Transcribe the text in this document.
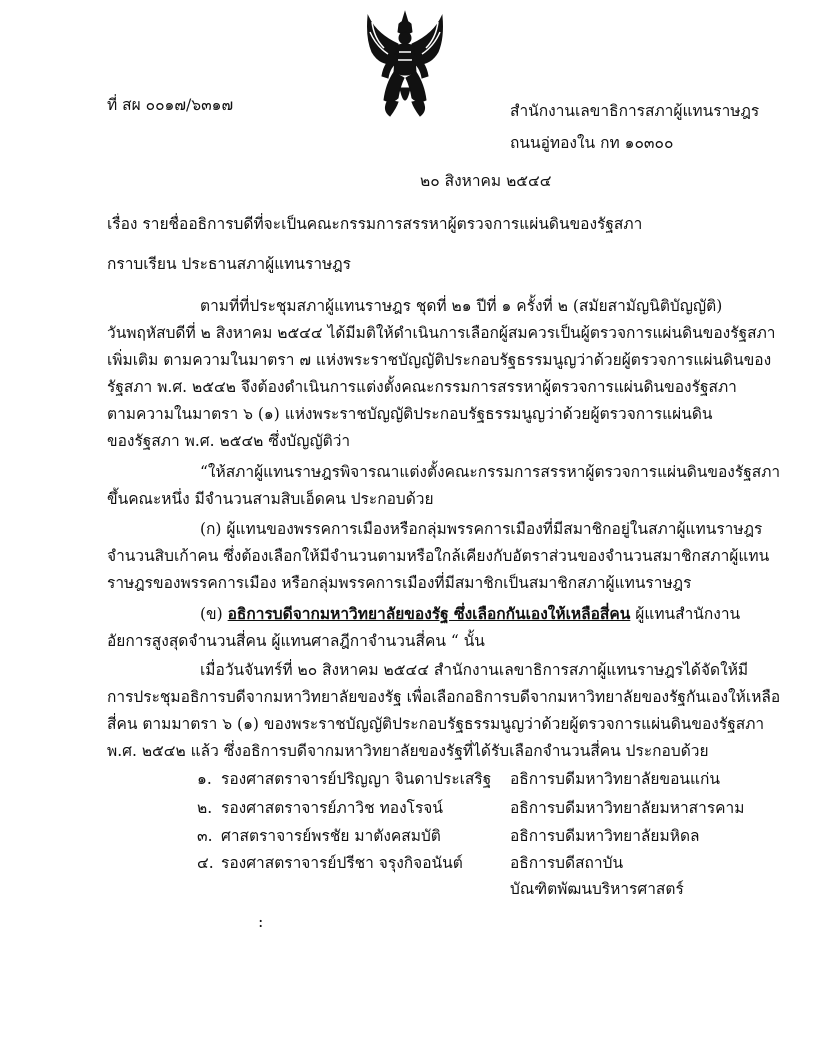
ที่ สผ ๐๐๑๗/๖๓๑๗	สำนักงานเลขาธิการสภาผู้แทนราษฎร
ถนนอู่ทองใน กท ๑๐๓๐๐
๒๐ สิงหาคม ๒๕๔๔
เรื่อง รายชื่ออธิการบดีที่จะเป็นคณะกรรมการสรรหาผู้ตรวจการแผ่นดินของรัฐสภา
กราบเรียน ประธานสภาผู้แทนราษฎร
ตามที่ที่ประชุมสภาผู้แทนราษฎร ชุดที่ ๒๑ ปีที่ ๑ ครั้งที่ ๒ (สมัยสามัญนิติบัญญัติ)
วันพฤหัสบดีที่ ๒ สิงหาคม ๒๕๔๔ ได้มีมติให้ดำเนินการเลือกผู้สมควรเป็นผู้ตรวจการแผ่นดินของรัฐสภา
เพิ่มเติม ตามความในมาตรา ๗ แห่งพระราชบัญญัติประกอบรัฐธรรมนูญว่าด้วยผู้ตรวจการแผ่นดินของ
รัฐสภา พ.ศ. ๒๕๔๒ จึงต้องดำเนินการแต่งตั้งคณะกรรมการสรรหาผู้ตรวจการแผ่นดินของรัฐสภา
ตามความในมาตรา ๖ (๑) แห่งพระราชบัญญัติประกอบรัฐธรรมนูญว่าด้วยผู้ตรวจการแผ่นดิน
ของรัฐสภา พ.ศ. ๒๕๔๒ ซึ่งบัญญัติว่า
“ให้สภาผู้แทนราษฎรพิจารณาแต่งตั้งคณะกรรมการสรรหาผู้ตรวจการแผ่นดินของรัฐสภา
ขึ้นคณะหนึ่ง มีจำนวนสามสิบเอ็ดคน ประกอบด้วย
(ก) ผู้แทนของพรรคการเมืองหรือกลุ่มพรรคการเมืองที่มีสมาชิกอยู่ในสภาผู้แทนราษฎร
จำนวนสิบเก้าคน ซึ่งต้องเลือกให้มีจำนวนตามหรือใกล้เคียงกับอัตราส่วนของจำนวนสมาชิกสภาผู้แทน
ราษฎรของพรรคการเมือง หรือกลุ่มพรรคการเมืองที่มีสมาชิกเป็นสมาชิกสภาผู้แทนราษฎร
(ข) อธิการบดีจากมหาวิทยาลัยของรัฐ ซึ่งเลือกกันเองให้เหลือสี่คน ผู้แทนสำนักงาน
อัยการสูงสุดจำนวนสี่คน ผู้แทนศาลฎีกาจำนวนสี่คน “ นั้น
เมื่อวันจันทร์ที่ ๒๐ สิงหาคม ๒๕๔๔ สำนักงานเลขาธิการสภาผู้แทนราษฎรได้จัดให้มี
การประชุมอธิการบดีจากมหาวิทยาลัยของรัฐ เพื่อเลือกอธิการบดีจากมหาวิทยาลัยของรัฐกันเองให้เหลือ
สี่คน ตามมาตรา ๖ (๑) ของพระราชบัญญัติประกอบรัฐธรรมนูญว่าด้วยผู้ตรวจการแผ่นดินของรัฐสภา
พ.ศ. ๒๕๔๒ แล้ว ซึ่งอธิการบดีจากมหาวิทยาลัยของรัฐที่ได้รับเลือกจำนวนสี่คน ประกอบด้วย
๑. รองศาสตราจารย์ปริญญา จินดาประเสริฐ อธิการบดีมหาวิทยาลัยขอนแก่น
๒. รองศาสตราจารย์ภาวิช ทองโรจน์	อธิการบดีมหาวิทยาลัยมหาสารคาม
๓. ศาสตราจารย์พรชัย มาตังคสมบัติ	อธิการบดีมหาวิทยาลัยมหิดล
๔. รองศาสตราจารย์ปรีชา จรุงกิจอนันต์	อธิการบดีสถาบัน
บัณฑิตพัฒนบริหารศาสตร์
:
